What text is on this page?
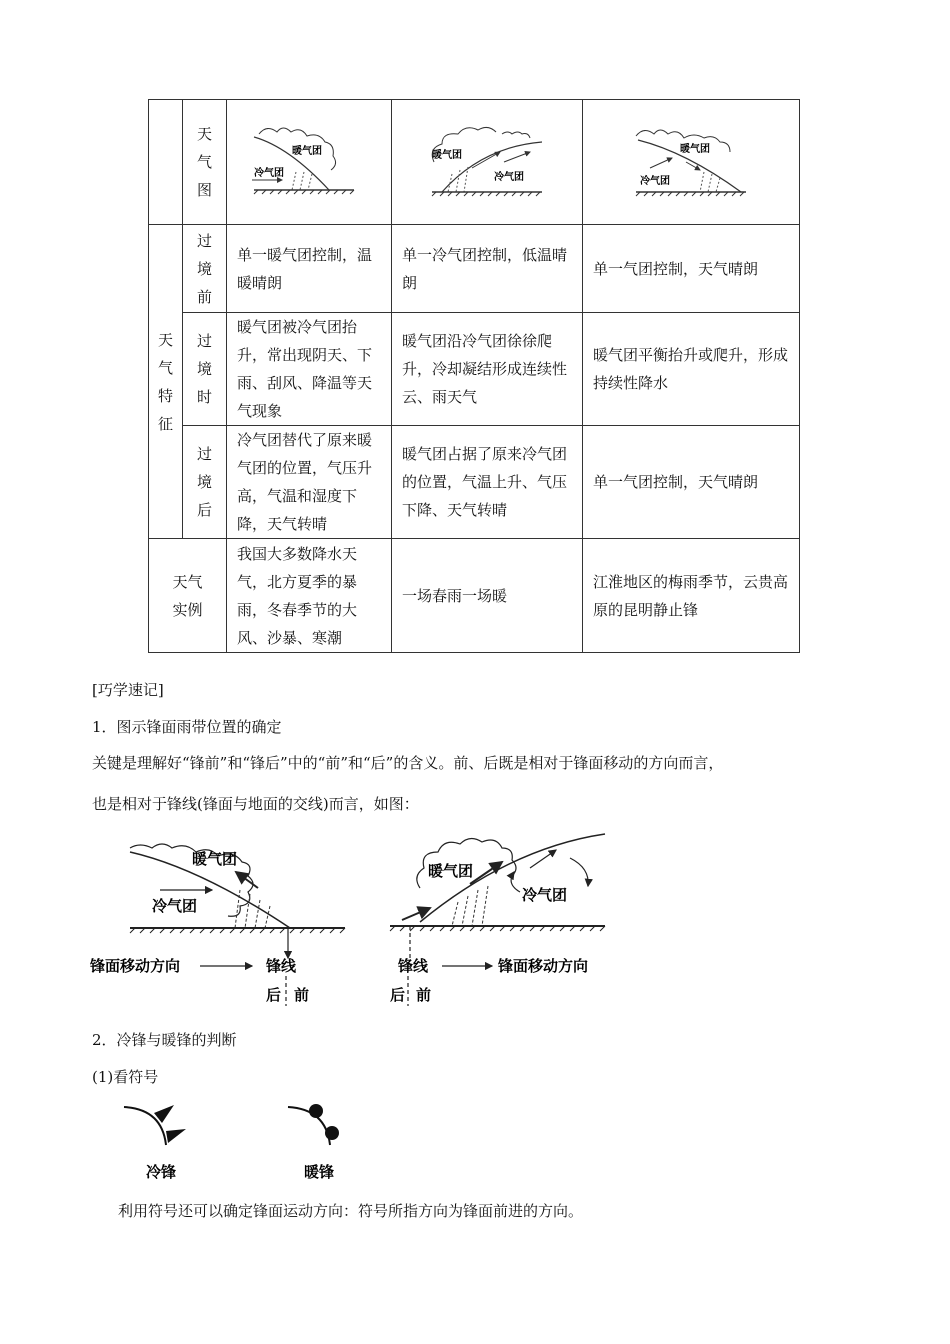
	天气图	暖气团
冷气团	暖气团
冷气团	暖气团
冷气团

天气特征	过境前	单一暖气团控制，温暖晴朗	单一冷气团控制，低温晴朗	单一气团控制，天气晴朗

	过境时	暖气团被冷气团抬升，常出现阴天、下雨、刮风、降温等天气现象	暖气团沿冷气团徐徐爬升，冷却凝结形成连续性云、雨天气	暖气团平衡抬升或爬升，形成持续性降水

	过境后	冷气团替代了原来暖气团的位置，气压升高，气温和湿度下降，天气转晴	暖气团占据了原来冷气团的位置，气温上升、气压下降、天气转晴	单一气团控制，天气晴朗

天气实例		我国大多数降水天气，北方夏季的暴雨，冬春季节的大风、沙暴、寒潮	一场春雨一场暖	江淮地区的梅雨季节，云贵高原的昆明静止锋
[巧学速记]
1．图示锋面雨带位置的确定
关键是理解好“锋前”和“锋后”中的“前”和“后”的含义。前、后既是相对于锋面移动的方向而言，
也是相对于锋线(锋面与地面的交线)而言，如图：
暖气团
冷气团
锋面移动方向	锋线
后 前
暖气团
冷气团
锋线	锋面移动方向
后 前
2．冷锋与暖锋的判断
(1)看符号
冷锋	暖锋
利用符号还可以确定锋面运动方向：符号所指方向为锋面前进的方向。
